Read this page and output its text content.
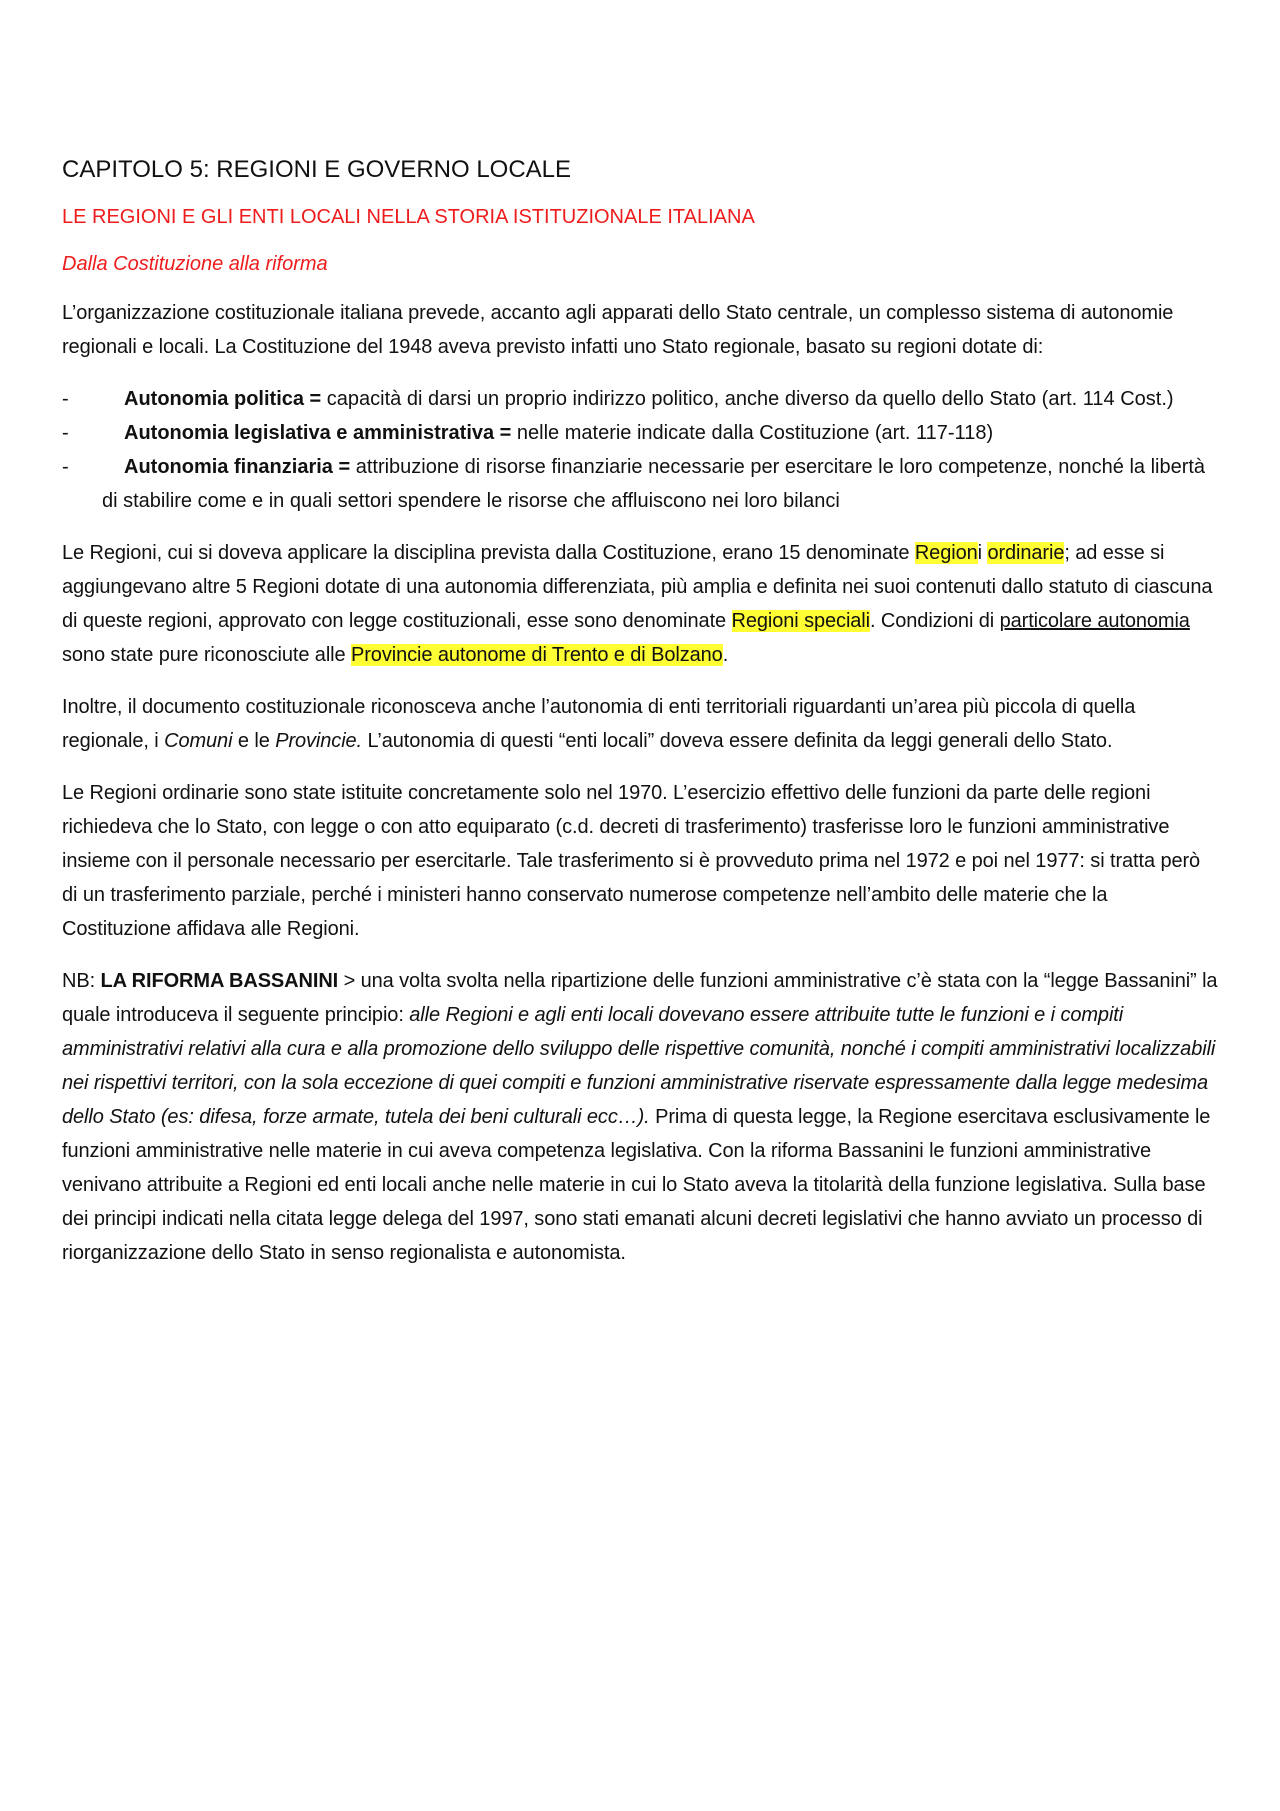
CAPITOLO 5: REGIONI E GOVERNO LOCALE
LE REGIONI E GLI ENTI LOCALI NELLA STORIA ISTITUZIONALE ITALIANA
Dalla Costituzione alla riforma

L’organizzazione costituzionale italiana prevede, accanto agli apparati dello Stato centrale, un complesso sistema di autonomie regionali e locali. La Costituzione del 1948 aveva previsto infatti uno Stato regionale, basato su regioni dotate di:

-	Autonomia politica = capacità di darsi un proprio indirizzo politico, anche diverso da quello dello Stato (art. 114 Cost.)
-	Autonomia legislativa e amministrativa = nelle materie indicate dalla Costituzione (art. 117-118)
-	Autonomia finanziaria = attribuzione di risorse finanziarie necessarie per esercitare le loro competenze, nonché la libertà di stabilire come e in quali settori spendere le risorse che affluiscono nei loro bilanci

Le Regioni, cui si doveva applicare la disciplina prevista dalla Costituzione, erano 15 denominate Regioni ordinarie; ad esse si aggiungevano altre 5 Regioni dotate di una autonomia differenziata, più amplia e definita nei suoi contenuti dallo statuto di ciascuna di queste regioni, approvato con legge costituzionali, esse sono denominate Regioni speciali. Condizioni di particolare autonomia sono state pure riconosciute alle Provincie autonome di Trento e di Bolzano.

Inoltre, il documento costituzionale riconosceva anche l’autonomia di enti territoriali riguardanti un’area più piccola di quella regionale, i Comuni e le Provincie. L’autonomia di questi “enti locali” doveva essere definita da leggi generali dello Stato.

Le Regioni ordinarie sono state istituite concretamente solo nel 1970. L’esercizio effettivo delle funzioni da parte delle regioni richiedeva che lo Stato, con legge o con atto equiparato (c.d. decreti di trasferimento) trasferisse loro le funzioni amministrative insieme con il personale necessario per esercitarle. Tale trasferimento si è provveduto prima nel 1972 e poi nel 1977: si tratta però di un trasferimento parziale, perché i ministeri hanno conservato numerose competenze nell’ambito delle materie che la Costituzione affidava alle Regioni.

NB: LA RIFORMA BASSANINI > una volta svolta nella ripartizione delle funzioni amministrative c’è stata con la “legge Bassanini” la quale introduceva il seguente principio: alle Regioni e agli enti locali dovevano essere attribuite tutte le funzioni e i compiti amministrativi relativi alla cura e alla promozione dello sviluppo delle rispettive comunità, nonché i compiti amministrativi localizzabili nei rispettivi territori, con la sola eccezione di quei compiti e funzioni amministrative riservate espressamente dalla legge medesima dello Stato (es: difesa, forze armate, tutela dei beni culturali ecc…). Prima di questa legge, la Regione esercitava esclusivamente le funzioni amministrative nelle materie in cui aveva competenza legislativa. Con la riforma Bassanini le funzioni amministrative venivano attribuite a Regioni ed enti locali anche nelle materie in cui lo Stato aveva la titolarità della funzione legislativa. Sulla base dei principi indicati nella citata legge delega del 1997, sono stati emanati alcuni decreti legislativi che hanno avviato un processo di riorganizzazione dello Stato in senso regionalista e autonomista.
